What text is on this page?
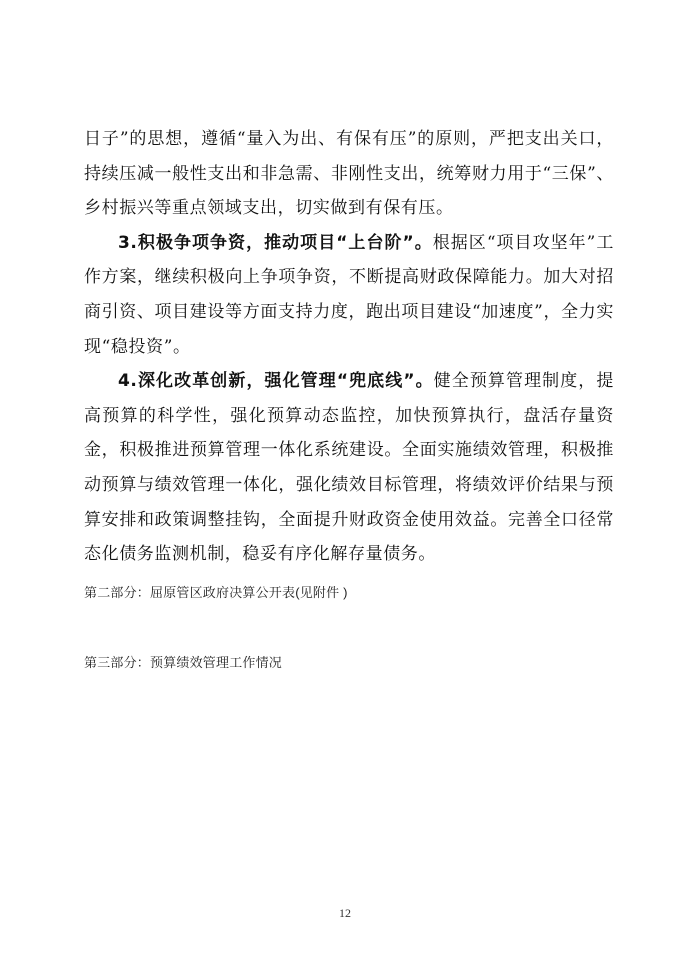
日子”的思想，遵循“量入为出、有保有压”的原则，严把支出关口，持续压减一般性支出和非急需、非刚性支出，统筹财力用于“三保”、乡村振兴等重点领域支出，切实做到有保有压。

3.积极争项争资，推动项目“上台阶”。根据区“项目攻坚年”工作方案，继续积极向上争项争资，不断提高财政保障能力。加大对招商引资、项目建设等方面支持力度，跑出项目建设“加速度”，全力实现“稳投资”。

4.深化改革创新，强化管理“兜底线”。健全预算管理制度，提高预算的科学性，强化预算动态监控，加快预算执行，盘活存量资金，积极推进预算管理一体化系统建设。全面实施绩效管理，积极推动预算与绩效管理一体化，强化绩效目标管理，将绩效评价结果与预算安排和政策调整挂钩，全面提升财政资金使用效益。完善全口径常态化债务监测机制，稳妥有序化解存量债务。

第二部分：屈原管区政府决算公开表(见附件 )
第三部分：预算绩效管理工作情况
12
